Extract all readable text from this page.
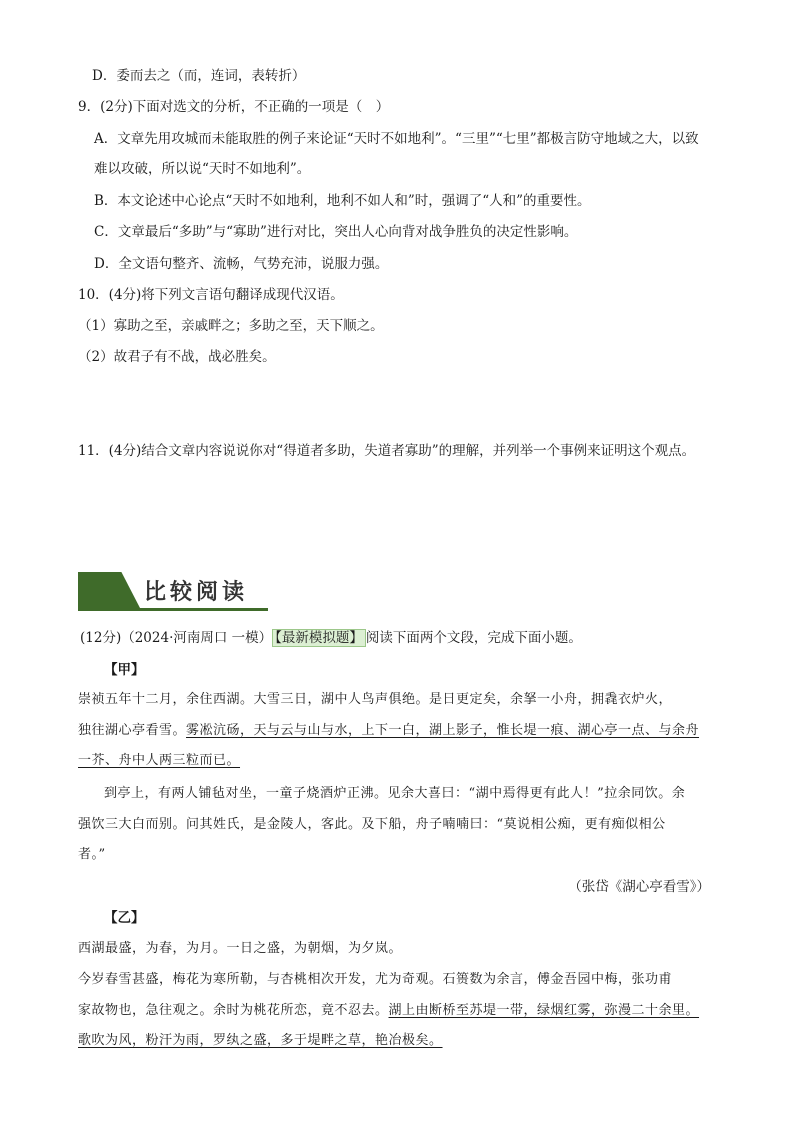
D．委而去之（而，连词，表转折）
9．(2分)下面对选文的分析，不正确的一项是（　）
A．文章先用攻城而未能取胜的例子来论证“天时不如地利”。“三里”“七里”都极言防守地域之大，以致
难以攻破，所以说“天时不如地利”。
B．本文论述中心论点“天时不如地利，地利不如人和”时，强调了“人和”的重要性。
C．文章最后“多助”与“寡助”进行对比，突出人心向背对战争胜负的决定性影响。
D．全文语句整齐、流畅，气势充沛，说服力强。
10．(4分)将下列文言语句翻译成现代汉语。
（1）寡助之至，亲戚畔之；多助之至，天下顺之。
（2）故君子有不战，战必胜矣。
11．(4分)结合文章内容说说你对“得道者多助，失道者寡助”的理解，并列举一个事例来证明这个观点。
比较阅读
(12分)（2024·河南周口 一模） 【最新模拟题】 阅读下面两个文段，完成下面小题。
【甲】
崇祯五年十二月，余住西湖。大雪三日，湖中人鸟声俱绝。是日更定矣，余拏一小舟，拥毳衣炉火，
独往湖心亭看雪。雾凇沆砀，天与云与山与水，上下一白，湖上影子，惟长堤一痕、湖心亭一点、与余舟
一芥、舟中人两三粒而已。
到亭上，有两人铺毡对坐，一童子烧酒炉正沸。见余大喜曰：“湖中焉得更有此人！”拉余同饮。余
强饮三大白而别。问其姓氏，是金陵人，客此。及下船，舟子喃喃曰：“莫说相公痴，更有痴似相公
者。”
（张岱《湖心亭看雪》）
【乙】
西湖最盛，为春，为月。一日之盛，为朝烟，为夕岚。
今岁春雪甚盛，梅花为寒所勒，与杏桃相次开发，尤为奇观。石篑数为余言，傅金吾园中梅，张功甫
家故物也，急往观之。余时为桃花所恋，竟不忍去。湖上由断桥至苏堤一带，绿烟红雾，弥漫二十余里。
歌吹为风，粉汗为雨，罗纨之盛，多于堤畔之草，艳冶极矣。
